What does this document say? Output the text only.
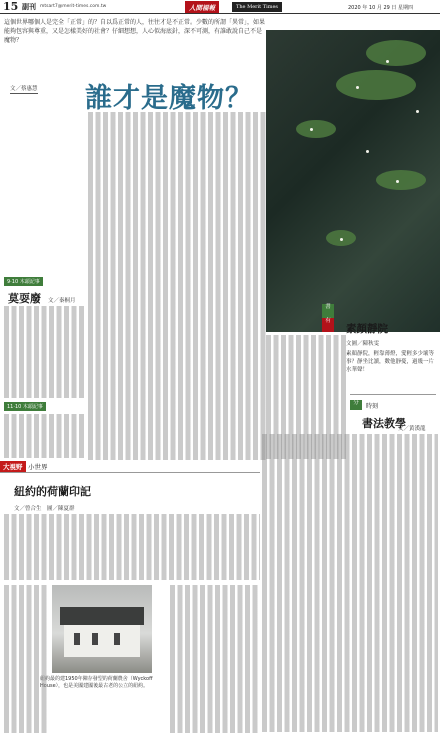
15 副刊 mtsart7@merit-times.com.tw	人間福報	The Merit Times	2020 年 10 月 29 日 星期四

這個世界哪個人是完全「正常」的？自以爲正常的人，往往才是不正常。少數的所謂「異常」，如果能夠包容與尊重，又是怎樣美好的社會？仔細想想，人心似海底針，深不可測，有誰敢說自己不是魔物？

文／蔡惠慧 誰才是魔物？
9·10 木頭記事
莫耍廢 文／秦桐月
11·10 木頭記事
書
有
素顏靜院
文圖／陳秋雯
素顏靜院，輕靠薄燈，愛輕多少壞等事？靜坐比讀，數他靜憂，過幾一片水華聲！
分	時刻
書法教學
文／黃漢龍
大視野 小世界
紐約的荷蘭印記
文／曾合生　圖／陳夏群
紐約最的建1950年陳存發型的荷蘭農舍（Wyckoff House），也是美國建國後最古老的公立的紐約。
